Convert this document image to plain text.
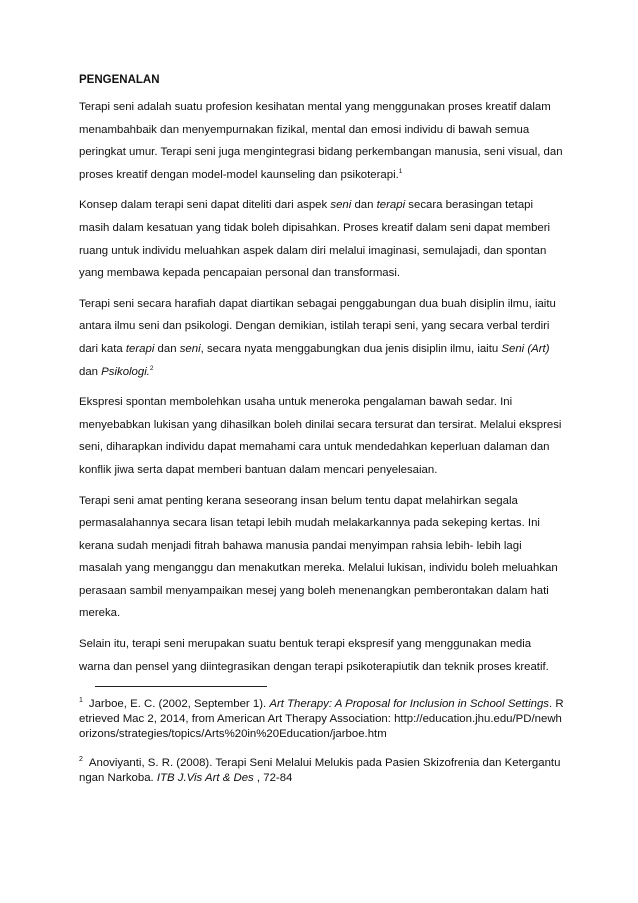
PENGENALAN

Terapi seni adalah suatu profesion kesihatan mental yang menggunakan proses kreatif dalam menambahbaik dan menyempurnakan fizikal, mental dan emosi individu di bawah semua peringkat umur. Terapi seni juga mengintegrasi bidang perkembangan manusia, seni visual, dan proses kreatif dengan model-model kaunseling dan psikoterapi.$^1$

Konsep dalam terapi seni dapat diteliti dari aspek seni dan terapi secara berasingan tetapi masih dalam kesatuan yang tidak boleh dipisahkan. Proses kreatif dalam seni dapat memberi ruang untuk individu meluahkan aspek dalam diri melalui imaginasi, semulajadi, dan spontan yang membawa kepada pencapaian personal dan transformasi.

Terapi seni secara harafiah dapat diartikan sebagai penggabungan dua buah disiplin ilmu, iaitu antara ilmu seni dan psikologi. Dengan demikian, istilah terapi seni, yang secara verbal terdiri dari kata terapi dan seni, secara nyata menggabungkan dua jenis disiplin ilmu, iaitu Seni (Art) dan Psikologi.$^2$

Ekspresi spontan membolehkan usaha untuk meneroka pengalaman bawah sedar. Ini menyebabkan lukisan yang dihasilkan boleh dinilai secara tersurat dan tersirat. Melalui ekspresi seni, diharapkan individu dapat memahami cara untuk mendedahkan keperluan dalaman dan konflik jiwa serta dapat memberi bantuan dalam mencari penyelesaian.

Terapi seni amat penting kerana seseorang insan belum tentu dapat melahirkan segala permasalahannya secara lisan tetapi lebih mudah melakarkannya pada sekeping kertas. Ini kerana sudah menjadi fitrah bahawa manusia pandai menyimpan rahsia lebih- lebih lagi masalah yang menganggu dan menakutkan mereka. Melalui lukisan, individu boleh meluahkan perasaan sambil menyampaikan mesej yang boleh menenangkan pemberontakan dalam hati mereka.

Selain itu, terapi seni merupakan suatu bentuk terapi ekspresif yang menggunakan media warna dan pensel yang diintegrasikan dengan terapi psikoterapiutik dan teknik proses kreatif.

$^1$ Jarboe, E. C. (2002, September 1). Art Therapy: A Proposal for Inclusion in School Settings. Retrieved Mac 2, 2014, from American Art Therapy Association: http://education.jhu.edu/PD/newhorizons/strategies/topics/Arts%20in%20Education/jarboe.htm
$^2$ Anoviyanti, S. R. (2008). Terapi Seni Melalui Melukis pada Pasien Skizofrenia dan Ketergantungan Narkoba. ITB J.Vis Art & Des , 72-84
